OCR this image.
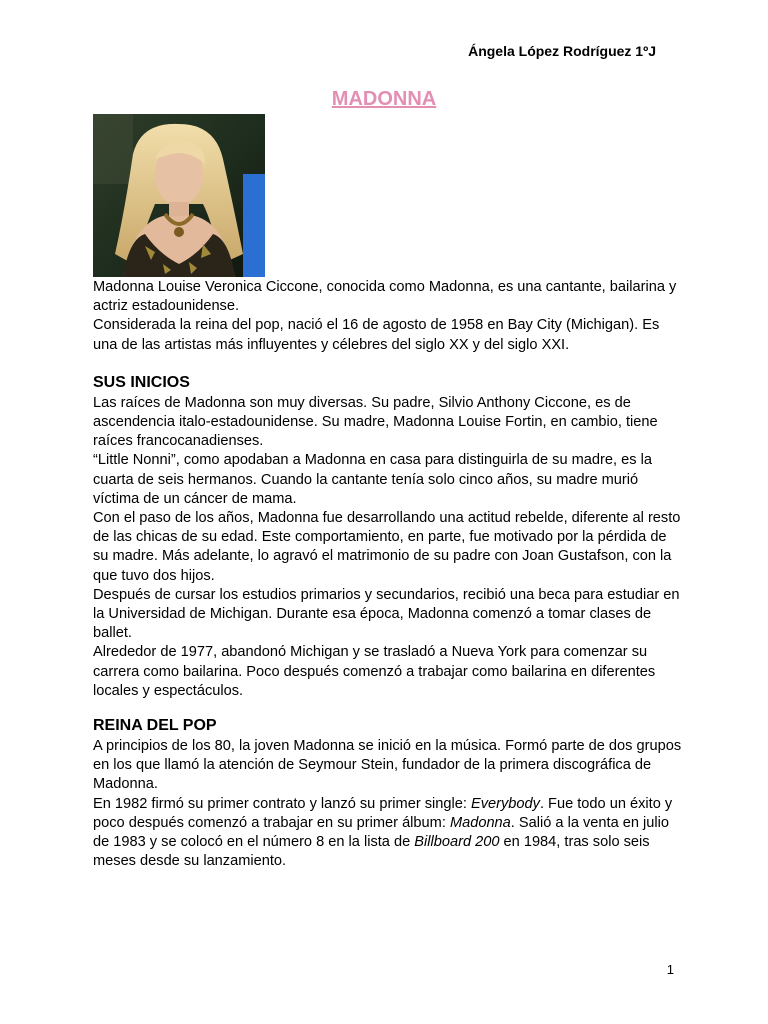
Ángela López Rodríguez 1ºJ
MADONNA

Madonna Louise Veronica Ciccone, conocida como Madonna, es una cantante, bailarina y actriz estadounidense.

Considerada la reina del pop, nació el 16 de agosto de 1958 en Bay City (Michigan). Es una de las artistas más influyentes y célebres del siglo XX y del siglo XXI.

SUS INICIOS

Las raíces de Madonna son muy diversas. Su padre, Silvio Anthony Ciccone, es de ascendencia italo-estadounidense. Su madre, Madonna Louise Fortin, en cambio, tiene raíces francocanadienses.

“Little Nonni”, como apodaban a Madonna en casa para distinguirla de su madre, es la cuarta de seis hermanos. Cuando la cantante tenía solo cinco años, su madre murió víctima de un cáncer de mama.

Con el paso de los años, Madonna fue desarrollando una actitud rebelde, diferente al resto de las chicas de su edad. Este comportamiento, en parte, fue motivado por la pérdida de su madre. Más adelante, lo agravó el matrimonio de su padre con Joan Gustafson, con la que tuvo dos hijos.

Después de cursar los estudios primarios y secundarios, recibió una beca para estudiar en la Universidad de Michigan. Durante esa época, Madonna comenzó a tomar clases de ballet.

Alrededor de 1977, abandonó Michigan y se trasladó a Nueva York para comenzar su carrera como bailarina. Poco después comenzó a trabajar como bailarina en diferentes locales y espectáculos.

REINA DEL POP

A principios de los 80, la joven Madonna se inició en la música. Formó parte de dos grupos en los que llamó la atención de Seymour Stein, fundador de la primera discográfica de Madonna.

En 1982 firmó su primer contrato y lanzó su primer single: Everybody. Fue todo un éxito y poco después comenzó a trabajar en su primer álbum: Madonna. Salió a la venta en julio de 1983 y se colocó en el número 8 en la lista de Billboard 200 en 1984, tras solo seis meses desde su lanzamiento.

1
